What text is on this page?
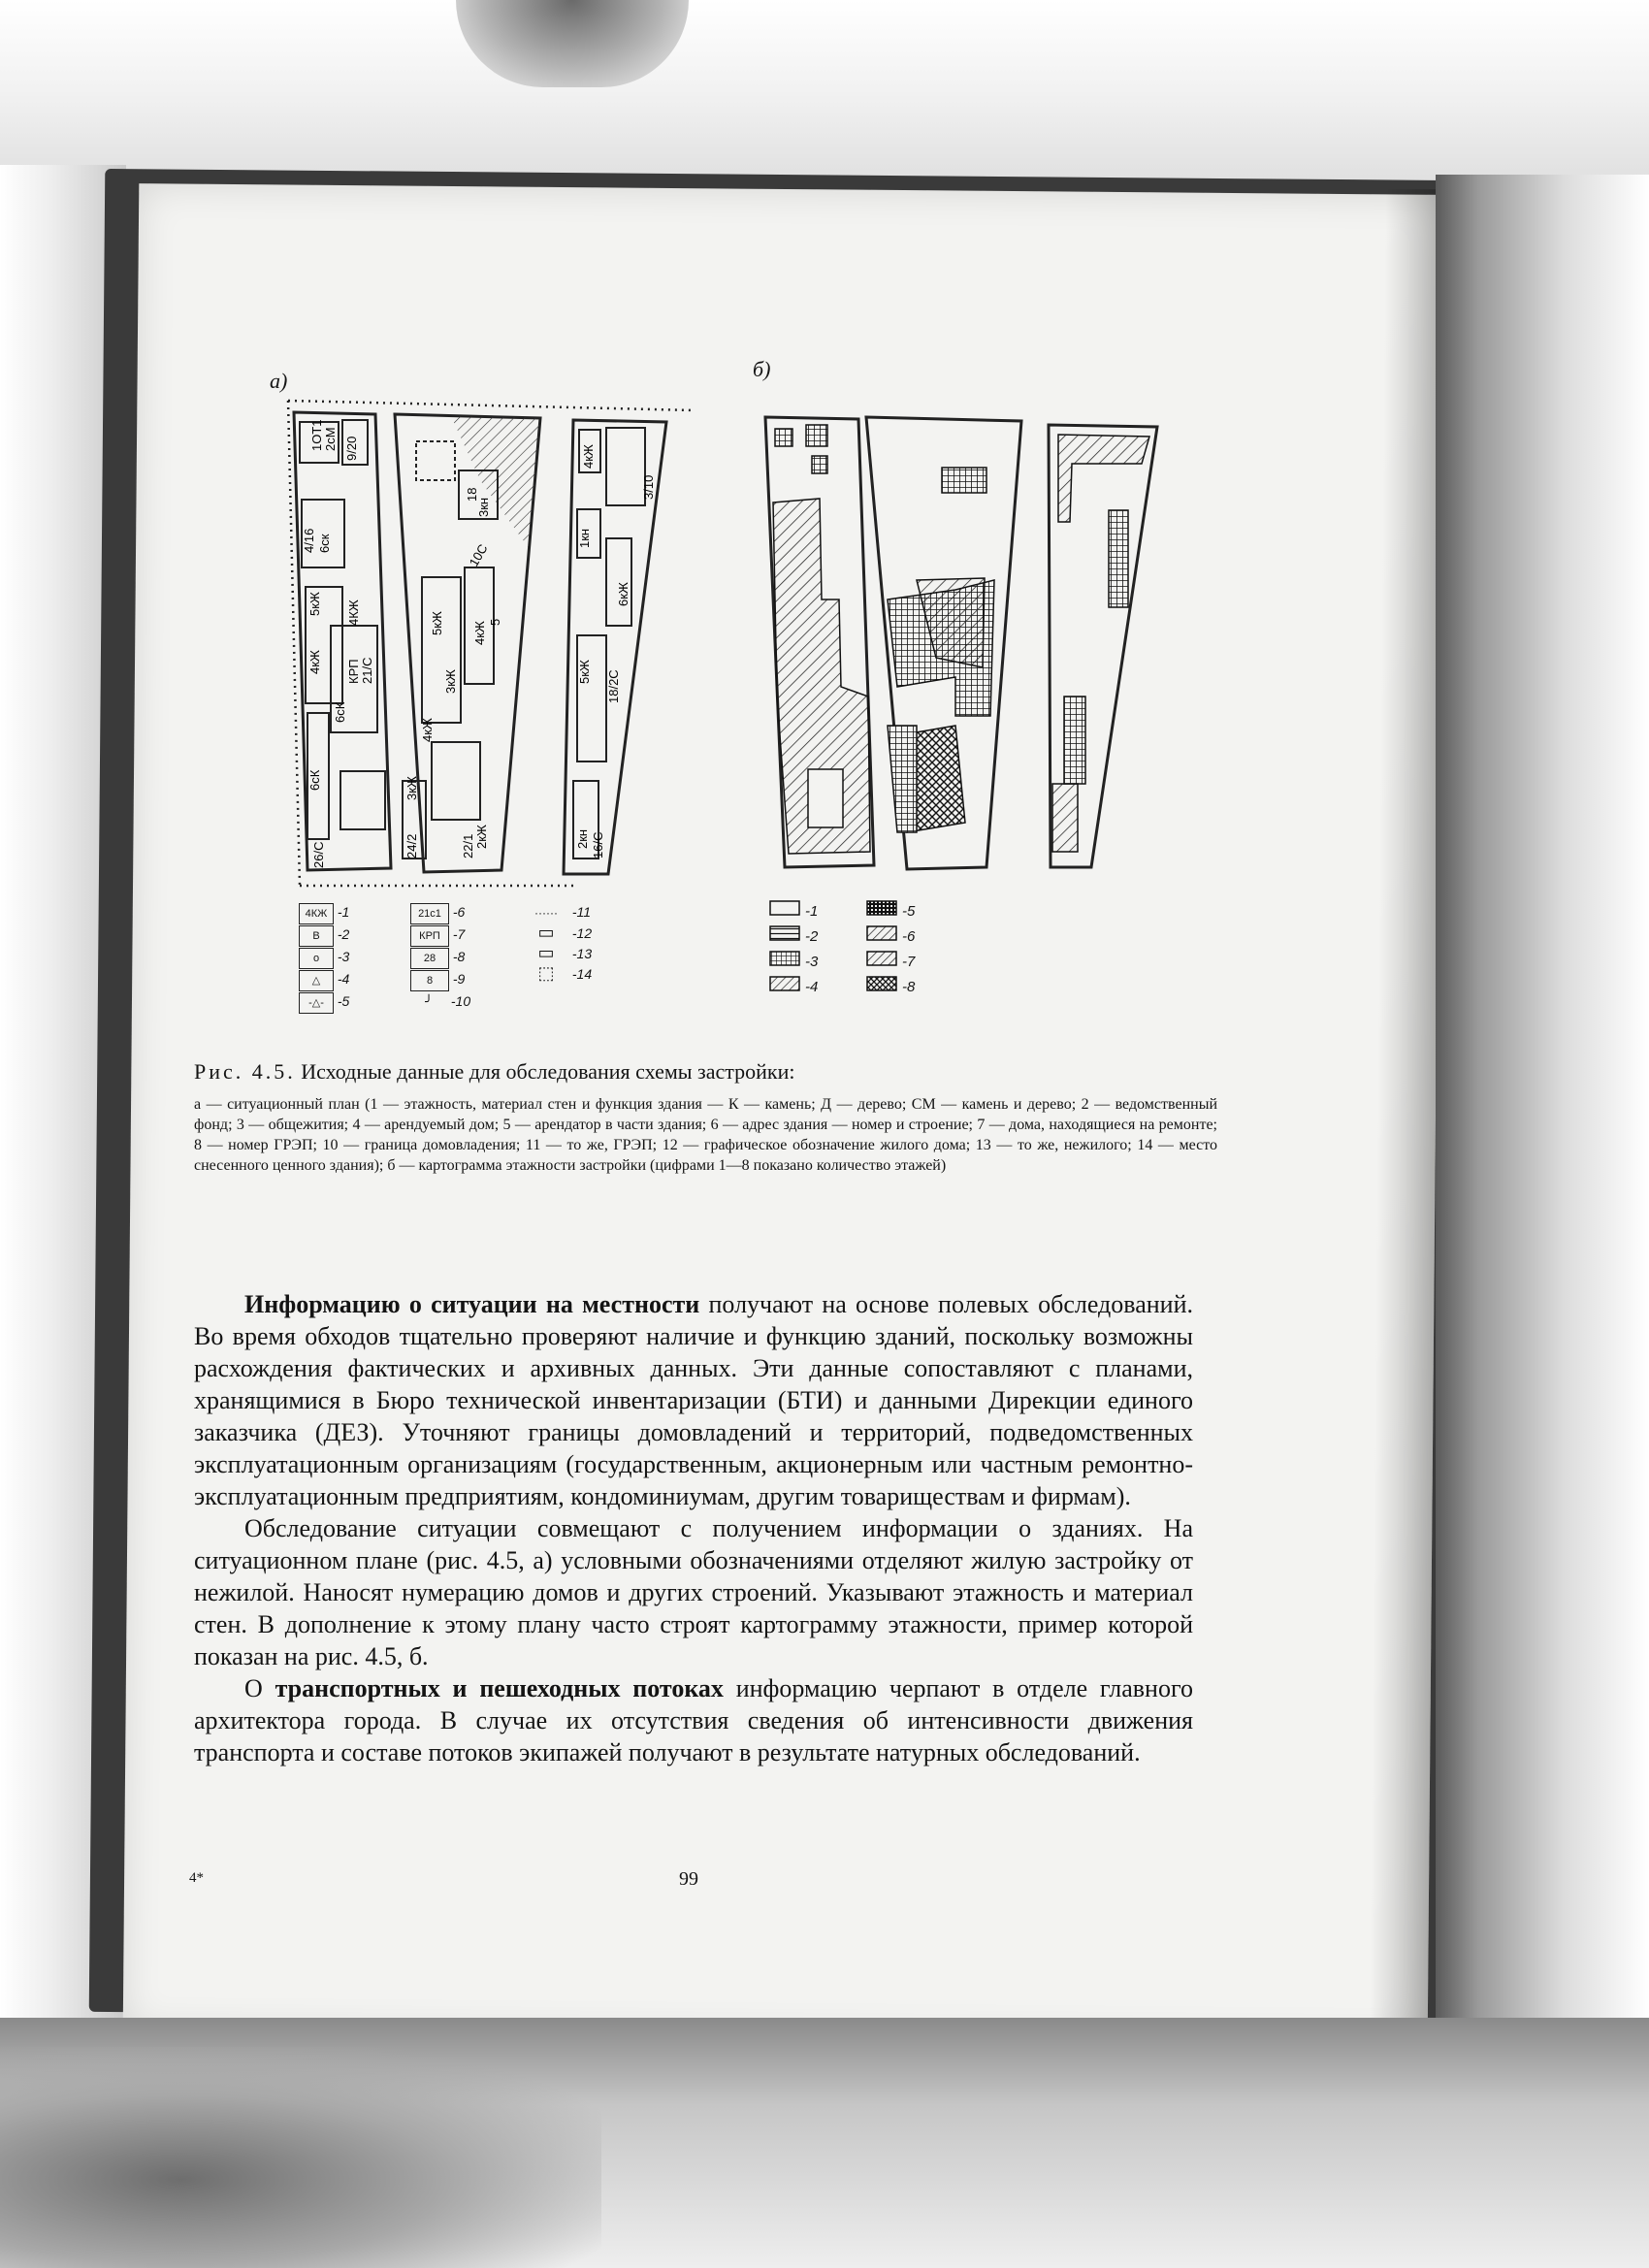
а)	б)
1ОТ1 2сМ 9/20
4/16 6ск
5кЖ
4кЖ
4КЖ
КРП 21/С
6сК
6сК
26/С
18
3кн
10С
5кЖ
3кЖ
4кЖ 5
24/2
4кЖ
3кЖ
22/1 2кЖ
3/10
4кЖ
1кн
5кЖ 18/2С
2кн 16/С
6кЖ
4КЖ -1
В -2
о -3
△ -4
-△- -5
21с1 -6
КРП -7
28 -8
8 -9
╯ -10
······ -11
▭ -12
▭ -13
⬚ -14
-1
-2
-3
-4
-5
-6
-7
-8
Рис. 4.5. Исходные данные для обследования схемы застройки:
а — ситуационный план (1 — этажность, материал стен и функция здания — К — камень; Д — дерево; СМ — камень и дерево; 2 — ведомственный фонд; 3 — общежития; 4 — арендуемый дом; 5 — арендатор в части здания; 6 — адрес здания — номер и строение; 7 — дома, находящиеся на ремонте; 8 — номер ГРЭП; 10 — граница домовладения; 11 — то же, ГРЭП; 12 — графическое обозначение жилого дома; 13 — то же, нежилого; 14 — место снесенного ценного здания); б — картограмма этажности застройки (цифрами 1—8 показано количество этажей)

Информацию о ситуации на местности получают на основе полевых обследований. Во время обходов тщательно проверяют наличие и функцию зданий, поскольку возможны расхождения фактических и архивных данных. Эти данные сопоставляют с планами, хранящимися в Бюро технической инвентаризации (БТИ) и данными Дирекции единого заказчика (ДЕЗ). Уточняют границы домовладений и территорий, подведомственных эксплуатационным организациям (государственным, акционерным или частным ремонтно-эксплуатационным предприятиям, кондоминиумам, другим товариществам и фирмам).

Обследование ситуации совмещают с получением информации о зданиях. На ситуационном плане (рис. 4.5, а) условными обозначениями отделяют жилую застройку от нежилой. Наносят нумерацию домов и других строений. Указывают этажность и материал стен. В дополнение к этому плану часто строят картограмму этажности, пример которой показан на рис. 4.5, б.

О транспортных и пешеходных потоках информацию черпают в отделе главного архитектора города. В случае их отсутствия сведения об интенсивности движения транспорта и составе потоков экипажей получают в результате натурных обследований.

4*	99
